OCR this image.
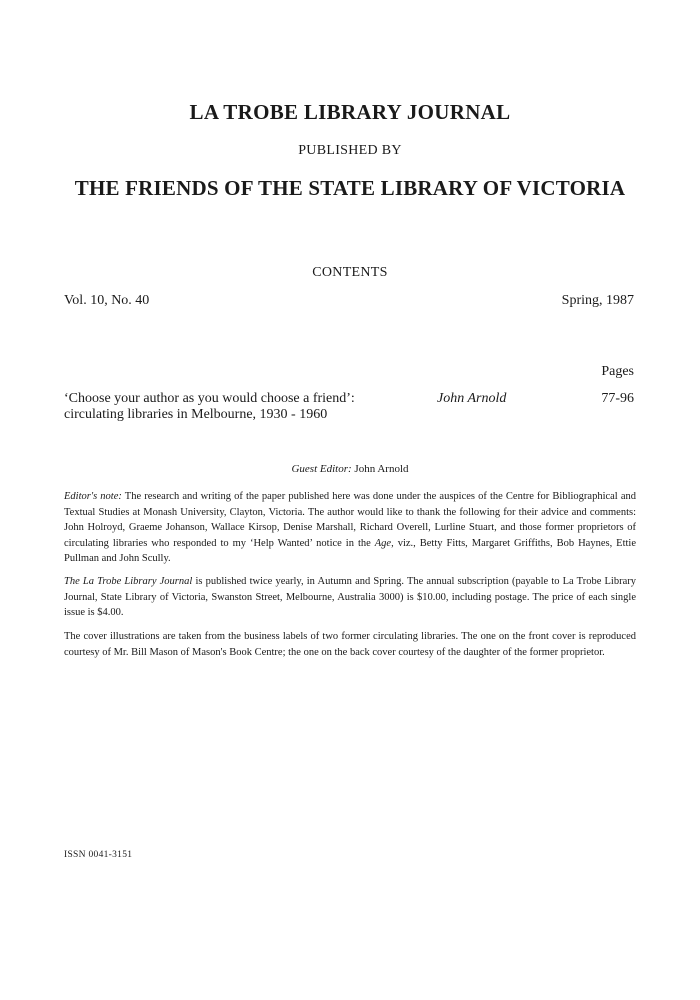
LA TROBE LIBRARY JOURNAL
PUBLISHED BY
THE FRIENDS OF THE STATE LIBRARY OF VICTORIA
CONTENTS
Vol. 10, No. 40	Spring, 1987
Pages
‘Choose your author as you would choose a friend’: circulating libraries in Melbourne, 1930 - 1960
John Arnold	77-96
Guest Editor: John Arnold
Editor's note: The research and writing of the paper published here was done under the auspices of the Centre for Bibliographical and Textual Studies at Monash University, Clayton, Victoria. The author would like to thank the following for their advice and comments: John Holroyd, Graeme Johanson, Wallace Kirsop, Denise Marshall, Richard Overell, Lurline Stuart, and those former proprietors of circulating libraries who responded to my ‘Help Wanted’ notice in the Age, viz., Betty Fitts, Margaret Griffiths, Bob Haynes, Ettie Pullman and John Scully.
The La Trobe Library Journal is published twice yearly, in Autumn and Spring. The annual subscription (payable to La Trobe Library Journal, State Library of Victoria, Swanston Street, Melbourne, Australia 3000) is $10.00, including postage. The price of each single issue is $4.00.
The cover illustrations are taken from the business labels of two former circulating libraries. The one on the front cover is reproduced courtesy of Mr. Bill Mason of Mason's Book Centre; the one on the back cover courtesy of the daughter of the former proprietor.
ISSN 0041-3151
